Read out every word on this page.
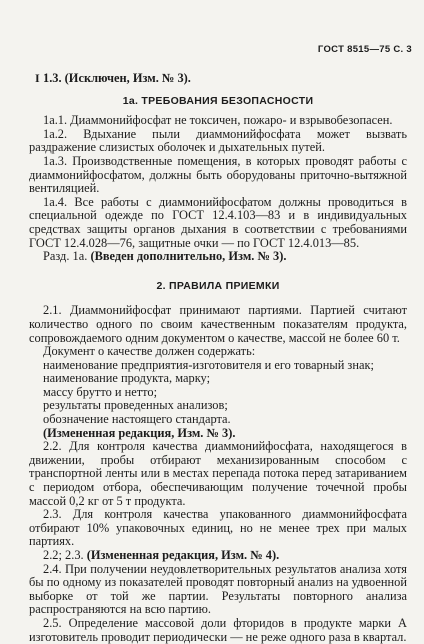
ГОСТ 8515—75 С. 3

I 1.3. (Исключен, Изм. № 3).

1а. ТРЕБОВАНИЯ БЕЗОПАСНОСТИ

1а.1. Диаммонийфосфат не токсичен, пожаро- и взрывобезопасен.

1а.2. Вдыхание пыли диаммонийфосфата может вызвать раздражение слизистых оболочек и дыхательных путей.

1а.3. Производственные помещения, в которых проводят работы с диаммонийфосфатом, должны быть оборудованы приточно-вытяжной вентиляцией.

1а.4. Все работы с диаммонийфосфатом должны проводиться в специальной одежде по ГОСТ 12.4.103—83 и в индивидуальных средствах защиты органов дыхания в соответствии с требованиями ГОСТ 12.4.028—76, защитные очки — по ГОСТ 12.4.013—85.

Разд. 1а. (Введен дополнительно, Изм. № 3).

2. ПРАВИЛА ПРИЕМКИ

2.1. Диаммонийфосфат принимают партиями. Партией считают количество одного по своим качественным показателям продукта, сопровождаемого одним документом о качестве, массой не более 60 т.

Документ о качестве должен содержать:

наименование предприятия-изготовителя и его товарный знак;

наименование продукта, марку;

массу брутто и нетто;

результаты проведенных анализов;

обозначение настоящего стандарта.

(Измененная редакция, Изм. № 3).

2.2. Для контроля качества диаммонийфосфата, находящегося в движении, пробы отбирают механизированным способом с транспортной ленты или в местах перепада потока перед затариванием с периодом отбора, обеспечивающим получение точечной пробы массой 0,2 кг от 5 т продукта.

2.3. Для контроля качества упакованного диаммонийфосфата отбирают 10% упаковочных единиц, но не менее трех при малых партиях.

2.2; 2.3. (Измененная редакция, Изм. № 4).

2.4. При получении неудовлетворительных результатов анализа хотя бы по одному из показателей проводят повторный анализ на удвоенной выборке от той же партии. Результаты повторного анализа распространяются на всю партию.

2.5. Определение массовой доли фторидов в продукте марки А изготовитель проводит периодически — не реже одного раза в квартал.
